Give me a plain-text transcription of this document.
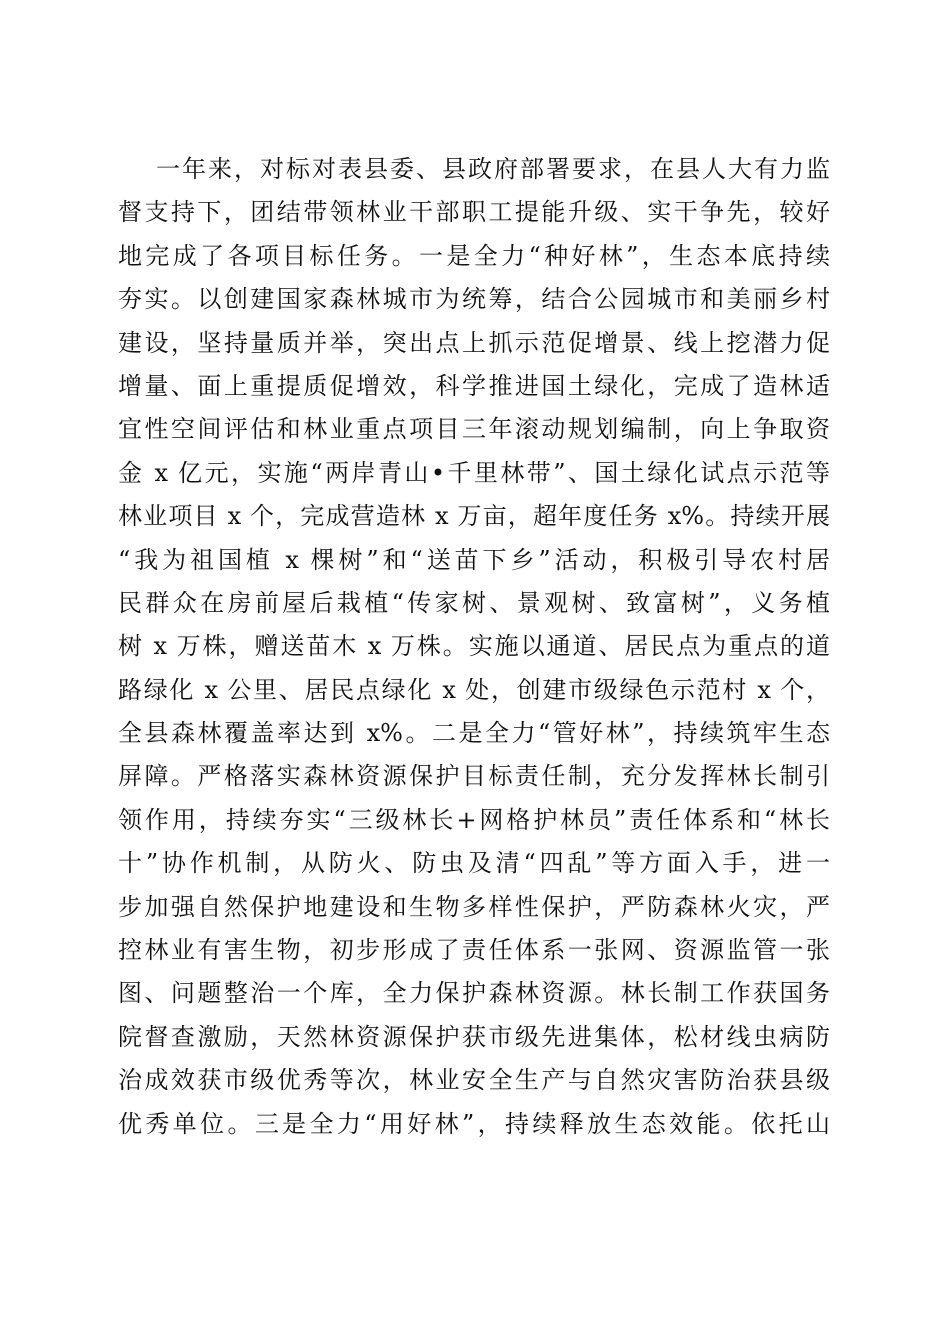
一年来，对标对表县委、县政府部署要求，在县人大有力监
督支持下，团结带领林业干部职工提能升级、实干争先，较好
地完成了各项目标任务。一是全力“种好林”，生态本底持续
夯实。以创建国家森林城市为统筹，结合公园城市和美丽乡村
建设，坚持量质并举，突出点上抓示范促增景、线上挖潜力促
增量、面上重提质促增效，科学推进国土绿化，完成了造林适
宜性空间评估和林业重点项目三年滚动规划编制，向上争取资
金 x 亿元，实施“两岸青山•千里林带”、国土绿化试点示范等
林业项目 x 个，完成营造林 x 万亩，超年度任务 x%。持续开展
“我为祖国植 x 棵树”和“送苗下乡”活动，积极引导农村居
民群众在房前屋后栽植“传家树、景观树、致富树”，义务植
树 x 万株，赠送苗木 x 万株。实施以通道、居民点为重点的道
路绿化 x 公里、居民点绿化 x 处，创建市级绿色示范村 x 个，
全县森林覆盖率达到 x%。二是全力“管好林”，持续筑牢生态
屏障。严格落实森林资源保护目标责任制，充分发挥林长制引
领作用，持续夯实“三级林长+网格护林员”责任体系和“林长
十”协作机制，从防火、防虫及清“四乱”等方面入手，进一
步加强自然保护地建设和生物多样性保护，严防森林火灾，严
控林业有害生物，初步形成了责任体系一张网、资源监管一张
图、问题整治一个库，全力保护森林资源。林长制工作获国务
院督查激励，天然林资源保护获市级先进集体，松材线虫病防
治成效获市级优秀等次，林业安全生产与自然灾害防治获县级
优秀单位。三是全力“用好林”，持续释放生态效能。依托山
